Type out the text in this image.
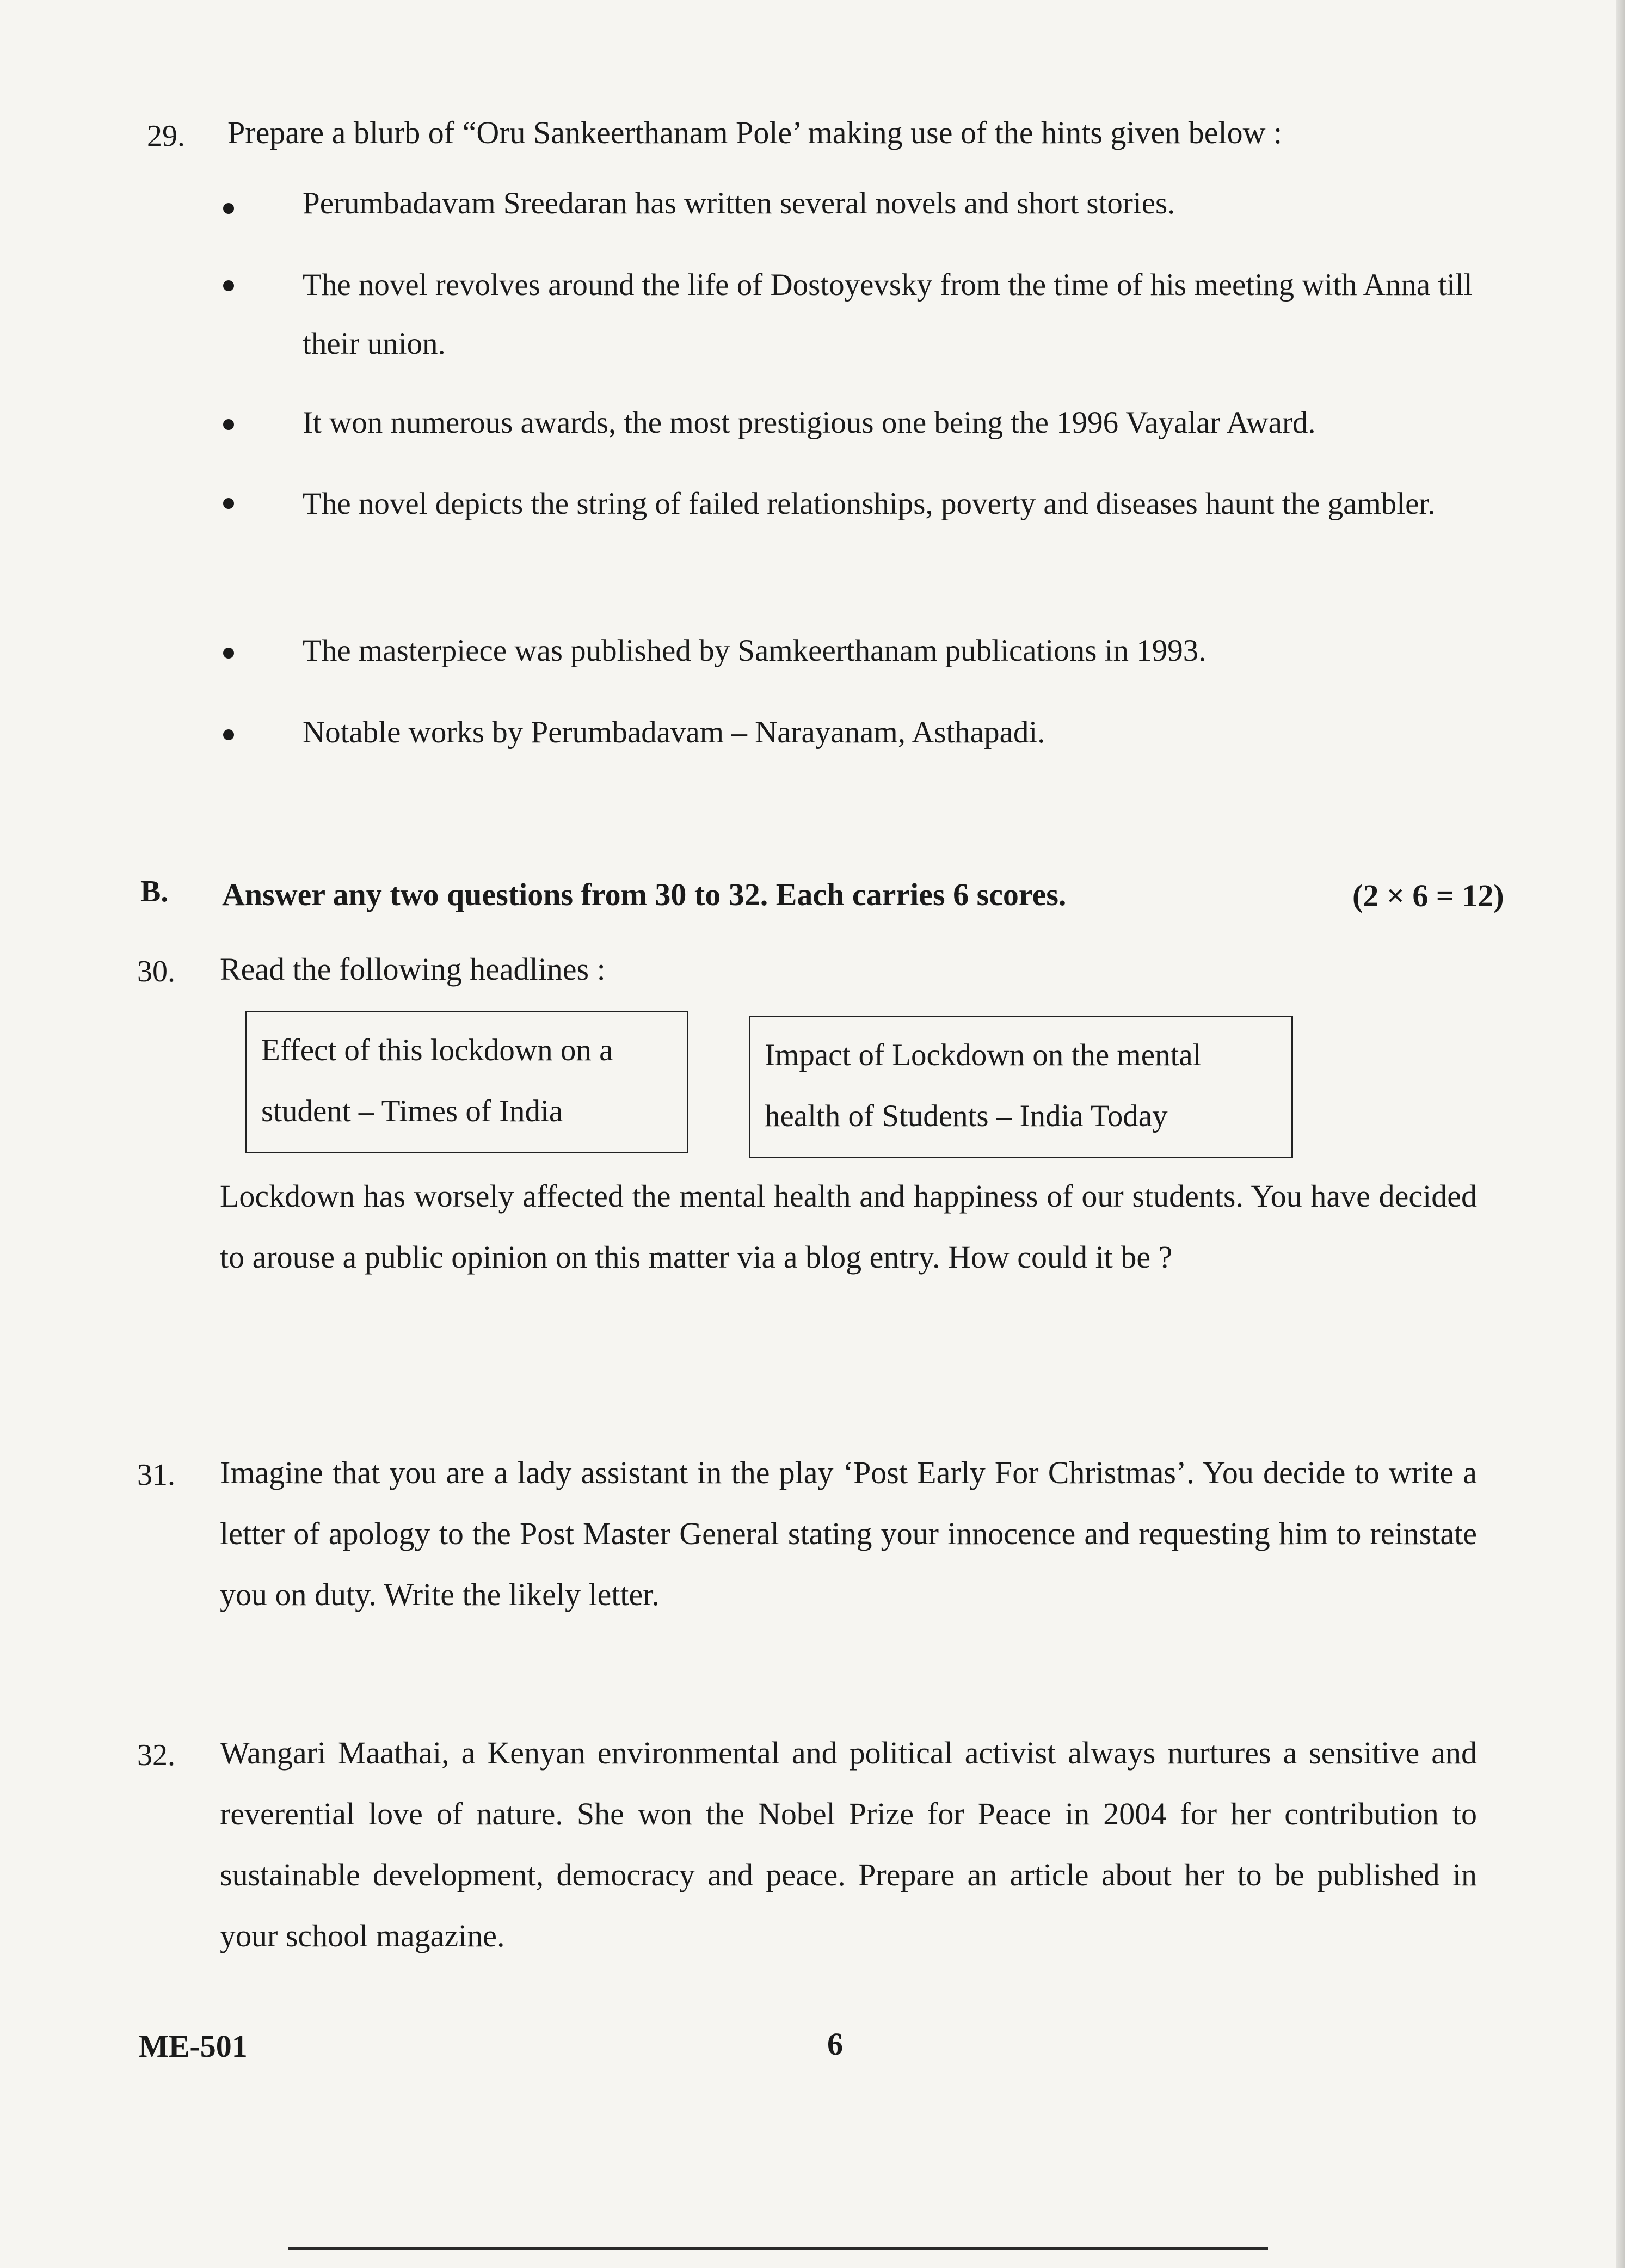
29. Prepare a blurb of “Oru Sankeerthanam Pole’ making use of the hints given below :
Perumbadavam Sreedaran has written several novels and short stories.
The novel revolves around the life of Dostoyevsky from the time of his meeting with Anna till their union.
It won numerous awards, the most prestigious one being the 1996 Vayalar Award.
The novel depicts the string of failed relationships, poverty and diseases haunt the gambler.
The masterpiece was published by Samkeerthanam publications in 1993.
Notable works by Perumbadavam – Narayanam, Asthapadi.
B. Answer any two questions from 30 to 32. Each carries 6 scores.	(2 × 6 = 12)
30. Read the following headlines :
Effect of this lockdown on a student – Times of India
Impact of Lockdown on the mental health of Students – India Today
Lockdown has worsely affected the mental health and happiness of our students. You have decided to arouse a public opinion on this matter via a blog entry. How could it be ?
31. Imagine that you are a lady assistant in the play ‘Post Early For Christmas’. You decide to write a letter of apology to the Post Master General stating your innocence and requesting him to reinstate you on duty. Write the likely letter.
32. Wangari Maathai, a Kenyan environmental and political activist always nurtures a sensitive and reverential love of nature. She won the Nobel Prize for Peace in 2004 for her contribution to sustainable development, democracy and peace. Prepare an article about her to be published in your school magazine.
ME-501	6
